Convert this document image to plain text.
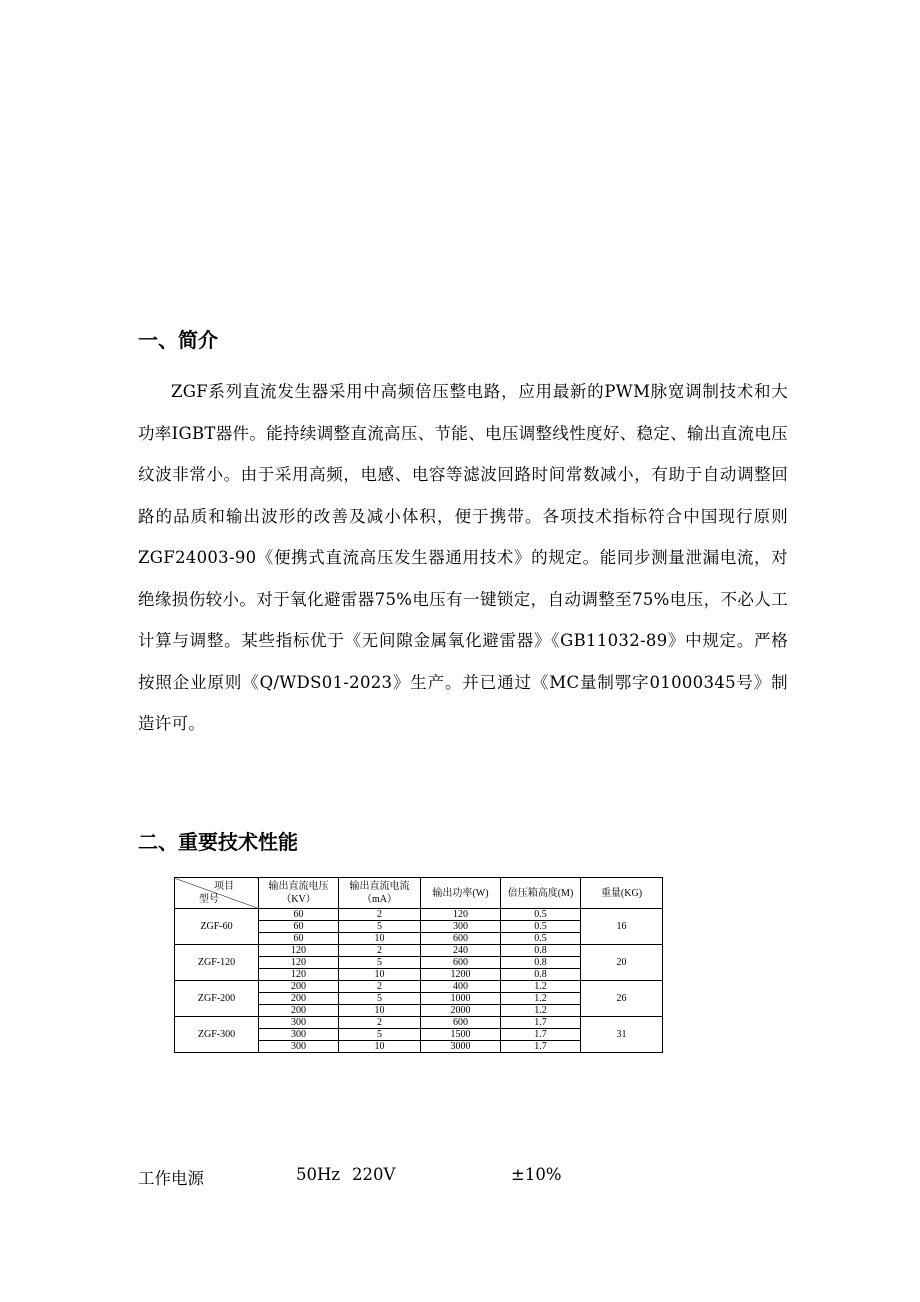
一、简介

ZGF系列直流发生器采用中高频倍压整电路，应用最新的PWM脉宽调制技术和大功率IGBT器件。能持续调整直流高压、节能、电压调整线性度好、稳定、输出直流电压纹波非常小。由于采用高频，电感、电容等滤波回路时间常数减小，有助于自动调整回路的品质和输出波形的改善及减小体积，便于携带。各项技术指标符合中国现行原则ZGF24003-90《便携式直流高压发生器通用技术》的规定。能同步测量泄漏电流，对绝缘损伤较小。对于氧化避雷器75%电压有一键锁定，自动调整至75%电压，不必人工计算与调整。某些指标优于《无间隙金属氧化避雷器》《GB11032-89》中规定。严格按照企业原则《Q/WDS01-2023》生产。并已通过《MC量制鄂字01000345号》制造许可。

二、重要技术性能
项目
型号	输出直流电压（KV）	输出直流电流（mA）	输出功率(W)	倍压箱高度(M)	重量(KG)
ZGF-60	60	2	120	0.5	16
	60	5	300	0.5	
	60	10	600	0.5	
ZGF-120	120	2	240	0.8	20
	120	5	600	0.8	
	120	10	1200	0.8	
ZGF-200	200	2	400	1.2	26
	200	5	1000	1.2	
	200	10	2000	1.2	
ZGF-300	300	2	600	1.7	31
	300	5	1500	1.7	
	300	10	3000	1.7	
工作电源	50Hz 220V	±10%
